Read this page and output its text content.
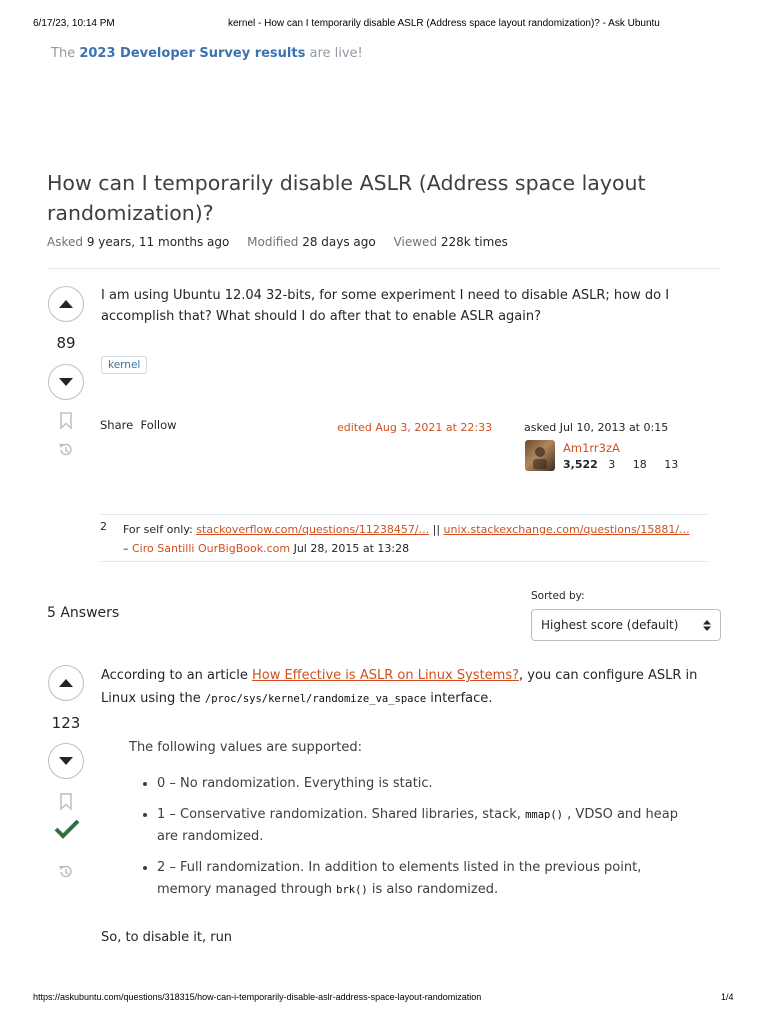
6/17/23, 10:14 PM	kernel - How can I temporarily disable ASLR (Address space layout randomization)? - Ask Ubuntu
The 2023 Developer Survey results are live!
How can I temporarily disable ASLR (Address space layout randomization)?
Asked 9 years, 11 months ago Modified 28 days ago Viewed 228k times
89
I am using Ubuntu 12.04 32-bits, for some experiment I need to disable ASLR; how do I accomplish that? What should I do after that to enable ASLR again?
kernel
Share Follow	edited Aug 3, 2021 at 22:33	asked Jul 10, 2013 at 0:15
Am1rr3zA
3,522 3 18 13
2 For self only: stackoverflow.com/questions/11238457/... || unix.stackexchange.com/questions/15881/...
– Ciro Santilli OurBigBook.com Jul 28, 2015 at 13:28
5 Answers
Sorted by:
Highest score (default)
123
According to an article How Effective is ASLR on Linux Systems?, you can configure ASLR in Linux using the /proc/sys/kernel/randomize_va_space interface.
The following values are supported:
• 0 – No randomization. Everything is static.
• 1 – Conservative randomization. Shared libraries, stack, mmap() , VDSO and heap are randomized.
• 2 – Full randomization. In addition to elements listed in the previous point, memory managed through brk() is also randomized.
So, to disable it, run
https://askubuntu.com/questions/318315/how-can-i-temporarily-disable-aslr-address-space-layout-randomization	1/4
